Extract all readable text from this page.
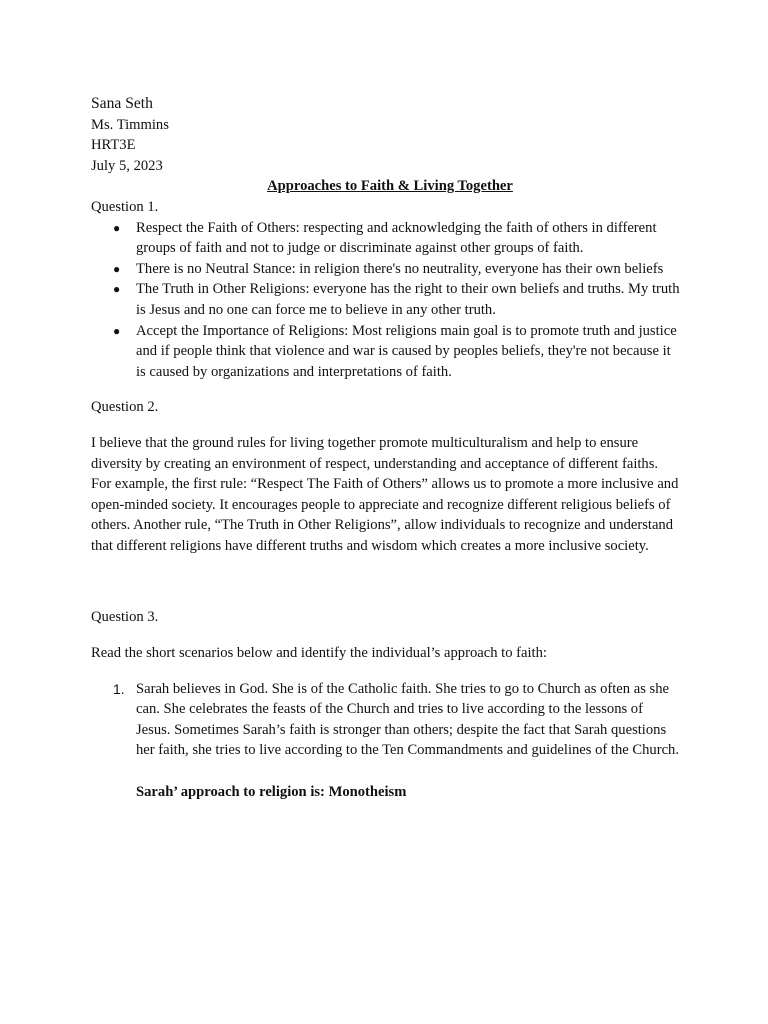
Sana Seth
Ms. Timmins
HRT3E
July 5, 2023
Approaches to Faith & Living Together
Question 1.
● Respect the Faith of Others: respecting and acknowledging the faith of others in different groups of faith and not to judge or discriminate against other groups of faith.
● There is no Neutral Stance: in religion there's no neutrality, everyone has their own beliefs
● The Truth in Other Religions: everyone has the right to their own beliefs and truths. My truth is Jesus and no one can force me to believe in any other truth.
● Accept the Importance of Religions: Most religions main goal is to promote truth and justice and if people think that violence and war is caused by peoples beliefs, they're not because it is caused by organizations and interpretations of faith.
Question 2.

I believe that the ground rules for living together promote multiculturalism and help to ensure diversity by creating an environment of respect, understanding and acceptance of different faiths. For example, the first rule: “Respect The Faith of Others” allows us to promote a more inclusive and open-minded society. It encourages people to appreciate and recognize different religious beliefs of others. Another rule, “The Truth in Other Religions”, allow individuals to recognize and understand that different religions have different truths and wisdom which creates a more inclusive society.

Question 3.

Read the short scenarios below and identify the individual’s approach to faith:

1. Sarah believes in God. She is of the Catholic faith. She tries to go to Church as often as she can. She celebrates the feasts of the Church and tries to live according to the lessons of Jesus. Sometimes Sarah’s faith is stronger than others; despite the fact that Sarah questions her faith, she tries to live according to the Ten Commandments and guidelines of the Church.
Sarah’ approach to religion is: Monotheism
